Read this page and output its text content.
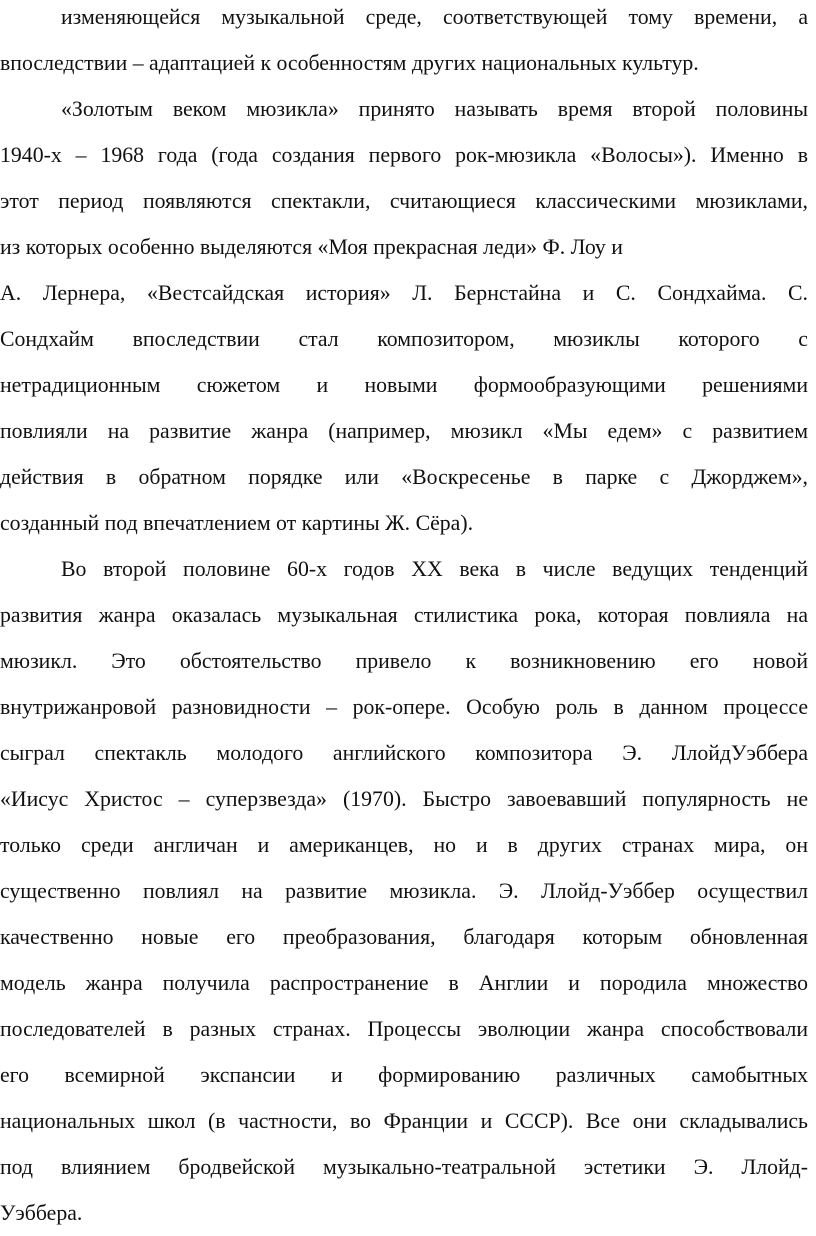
изменяющейся музыкальной среде, соответствующей тому времени, а
впоследствии – адаптацией к особенностям других национальных культур.
«Золотым веком мюзикла» принято называть время второй половины
1940-х – 1968 года (года создания первого рок-мюзикла «Волосы»). Именно в
этот период появляются спектакли, считающиеся классическими мюзиклами,
из которых особенно выделяются «Моя прекрасная леди» Ф. Лоу и
А. Лернера, «Вестсайдская история» Л. Бернстайна и С. Сондхайма. С.
Сондхайм впоследствии стал композитором, мюзиклы которого с
нетрадиционным сюжетом и новыми формообразующими решениями
повлияли на развитие жанра (например, мюзикл «Мы едем» с развитием
действия в обратном порядке или «Воскресенье в парке с Джорджем»,
созданный под впечатлением от картины Ж. Сёра).
Во второй половине 60-х годов XX века в числе ведущих тенденций
развития жанра оказалась музыкальная стилистика рока, которая повлияла на
мюзикл. Это обстоятельство привело к возникновению его новой
внутрижанровой разновидности – рок-опере. Особую роль в данном процессе
сыграл спектакль молодого английского композитора Э. ЛлойдУэббера
«Иисус Христос – суперзвезда» (1970). Быстро завоевавший популярность не
только среди англичан и американцев, но и в других странах мира, он
существенно повлиял на развитие мюзикла. Э. Ллойд-Уэббер осуществил
качественно новые его преобразования, благодаря которым обновленная
модель жанра получила распространение в Англии и породила множество
последователей в разных странах. Процессы эволюции жанра способствовали
его всемирной экспансии и формированию различных самобытных
национальных школ (в частности, во Франции и СССР). Все они складывались
под влиянием бродвейской музыкально-театральной эстетики Э. Ллойд-
Уэббера.
